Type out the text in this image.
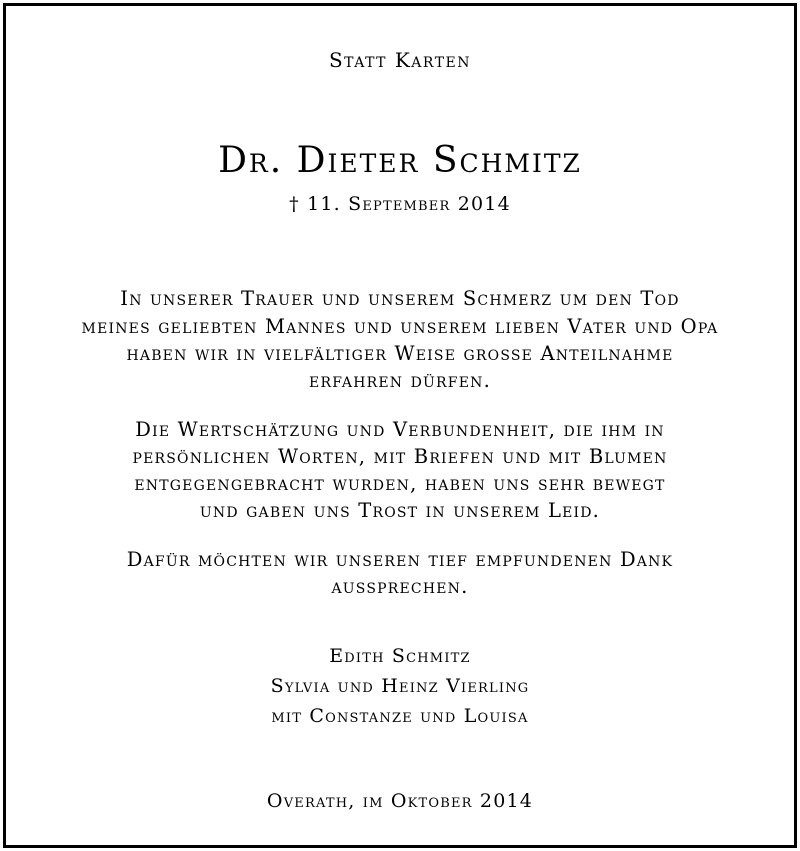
Statt Karten
Dr. Dieter Schmitz
† 11. September 2014
In unserer Trauer und unserem Schmerz um den Tod
meines geliebten Mannes und unserem lieben Vater und Opa
haben wir in vielfältiger Weise grosse Anteilnahme
erfahren dürfen.
Die Wertschätzung und Verbundenheit, die ihm in
persönlichen Worten, mit Briefen und mit Blumen
entgegengebracht wurden, haben uns sehr bewegt
und gaben uns Trost in unserem Leid.
Dafür möchten wir unseren tief empfundenen Dank
aussprechen.
Edith Schmitz
Sylvia und Heinz Vierling
mit Constanze und Louisa
Overath, im Oktober 2014
